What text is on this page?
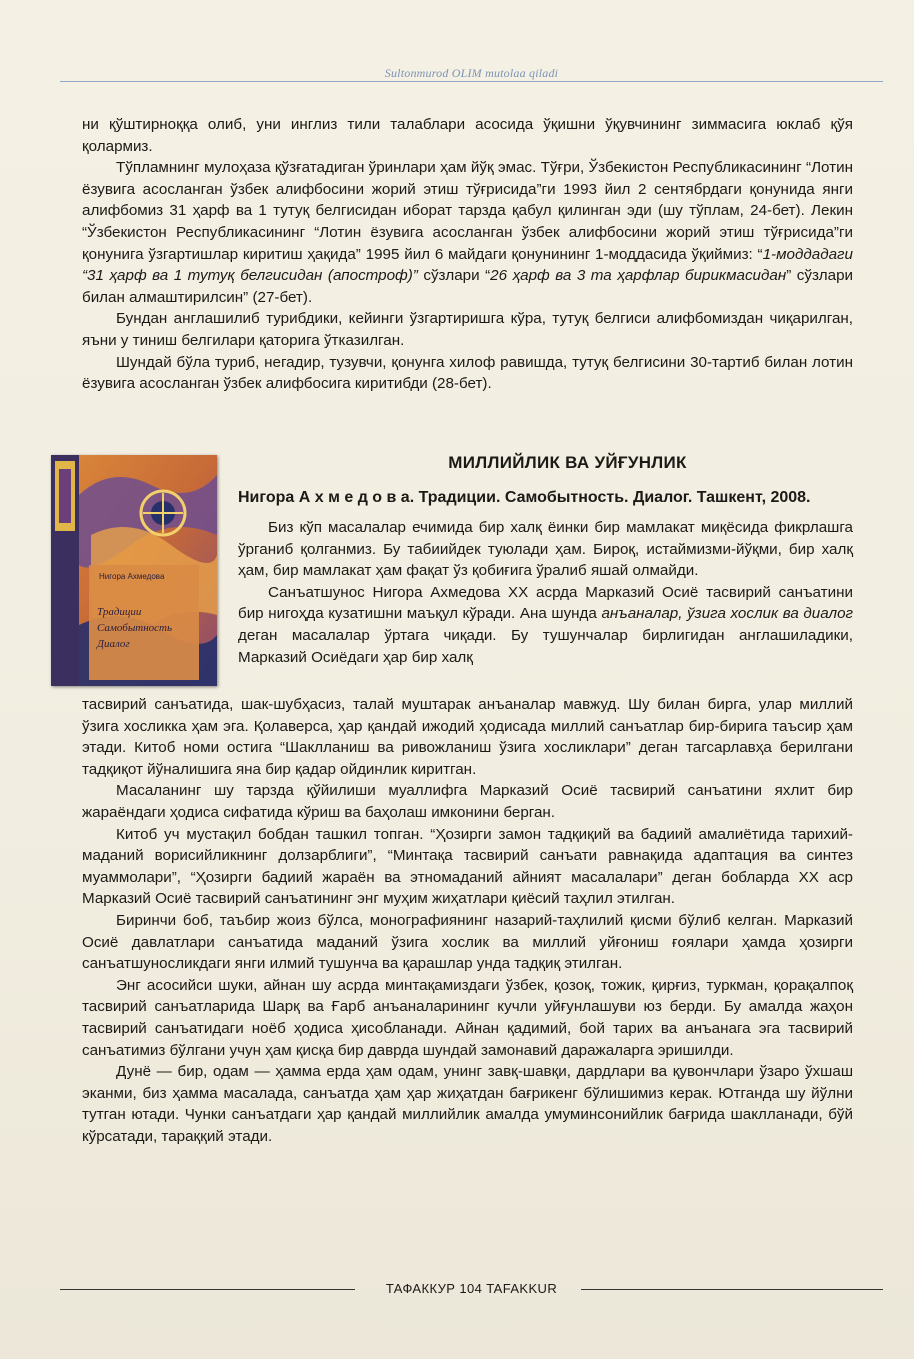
Sultonmurod OLIM mutolaa qiladi

ни қўштирноққа олиб, уни инглиз тили талаблари асосида ўқишни ўқувчининг зиммасига юклаб қўя қолармиз.

Тўпламнинг мулоҳаза қўзғатадиган ўринлари ҳам йўқ эмас. Тўғри, Ўзбекистон Республикасининг “Лотин ёзувига асосланган ўзбек алифбосини жорий этиш тўғрисида”ги 1993 йил 2 сентябрдаги қонунида янги алифбомиз 31 ҳарф ва 1 тутуқ белгисидан иборат тарзда қабул қилинган эди (шу тўплам, 24-бет). Лекин “Ўзбекистон Республикасининг “Лотин ёзувига асосланган ўзбек алифбосини жорий этиш тўғрисида”ги қонунига ўзгартишлар киритиш ҳақида” 1995 йил 6 майдаги қонунининг 1-моддасида ўқиймиз: “1-моддадаги “31 ҳарф ва 1 тутуқ белгисидан (апостроф)” сўзлари “26 ҳарф ва 3 та ҳарфлар бирикмасидан” сўзлари билан алмаштирилсин” (27-бет).

Бундан англашилиб турибдики, кейинги ўзгартиришга кўра, тутуқ белгиси алифбомиздан чиқарилган, яъни у тиниш белгилари қаторига ўтказилган.

Шундай бўла туриб, негадир, тузувчи, қонунга хилоф равишда, тутуқ белгисини 30-тартиб билан лотин ёзувига асосланган ўзбек алифбосига киритибди (28-бет).

Нигора Ахмедова
Традиции
Самобытность
Диалог
МИЛЛИЙЛИК ВА УЙҒУНЛИК
Нигора А х м е д о в а. Традиции. Самобытность. Диалог. Ташкент, 2008.

Биз кўп масалалар ечимида бир халқ ёинки бир мамлакат миқёсида фикрлашга ўрганиб қолганмиз. Бу табиийдек туюлади ҳам. Бироқ, истаймизми-йўқми, бир халқ ҳам, бир мамлакат ҳам фақат ўз қобиғига ўралиб яшай олмайди.

Санъатшунос Нигора Ахмедова XX асрда Марказий Осиё тасвирий санъатини бир нигоҳда кузатишни маъқул кўради. Ана шунда анъаналар, ўзига хослик ва диалог деган масалалар ўртага чиқади. Бу тушунчалар бирлигидан англашиладики, Марказий Осиёдаги ҳар бир халқ

тасвирий санъатида, шак-шубҳасиз, талай муштарак анъаналар мавжуд. Шу билан бирга, улар миллий ўзига хосликка ҳам эга. Қолаверса, ҳар қандай ижодий ҳодисада миллий санъатлар бир-бирига таъсир ҳам этади. Китоб номи остига “Шаклланиш ва ривожланиш ўзига хосликлари” деган тагсарлавҳа берилгани тадқиқот йўналишига яна бир қадар ойдинлик киритган.

Масаланинг шу тарзда қўйилиши муаллифга Марказий Осиё тасвирий санъатини яхлит бир жараёндаги ҳодиса сифатида кўриш ва баҳолаш имконини берган.

Китоб уч мустақил бобдан ташкил топган. “Ҳозирги замон тадқиқий ва бадиий амалиётида тарихий-маданий ворисийликнинг долзарблиги”, “Минтақа тасвирий санъати равнақида адаптация ва синтез муаммолари”, “Ҳозирги бадиий жараён ва этномаданий айният масалалари” деган бобларда XX аср Марказий Осиё тасвирий санъатининг энг муҳим жиҳатлари қиёсий таҳлил этилган.

Биринчи боб, таъбир жоиз бўлса, монографиянинг назарий-таҳлилий қисми бўлиб келган. Марказий Осиё давлатлари санъатида маданий ўзига хослик ва миллий уйғониш ғоялари ҳамда ҳозирги санъатшуносликдаги янги илмий тушунча ва қарашлар унда тадқиқ этилган.

Энг асосийси шуки, айнан шу асрда минтақамиздаги ўзбек, қозоқ, тожик, қирғиз, туркман, қорақалпоқ тасвирий санъатларида Шарқ ва Ғарб анъаналарининг кучли уйғунлашуви юз берди. Бу амалда жаҳон тасвирий санъатидаги ноёб ҳодиса ҳисобланади. Айнан қадимий, бой тарих ва анъанага эга тасвирий санъатимиз бўлгани учун ҳам қисқа бир даврда шундай замонавий даражаларга эришилди.

Дунё — бир, одам — ҳамма ерда ҳам одам, унинг завқ-шавқи, дардлари ва қувончлари ўзаро ўхшаш эканми, биз ҳамма масалада, санъатда ҳам ҳар жиҳатдан бағрикенг бўлишимиз керак. Ютганда шу йўлни тутган ютади. Чунки санъатдаги ҳар қандай миллийлик амалда умуминсонийлик бағрида шаклланади, бўй кўрсатади, тараққий этади.

ТАФАККУР 104 TAFAKKUR
